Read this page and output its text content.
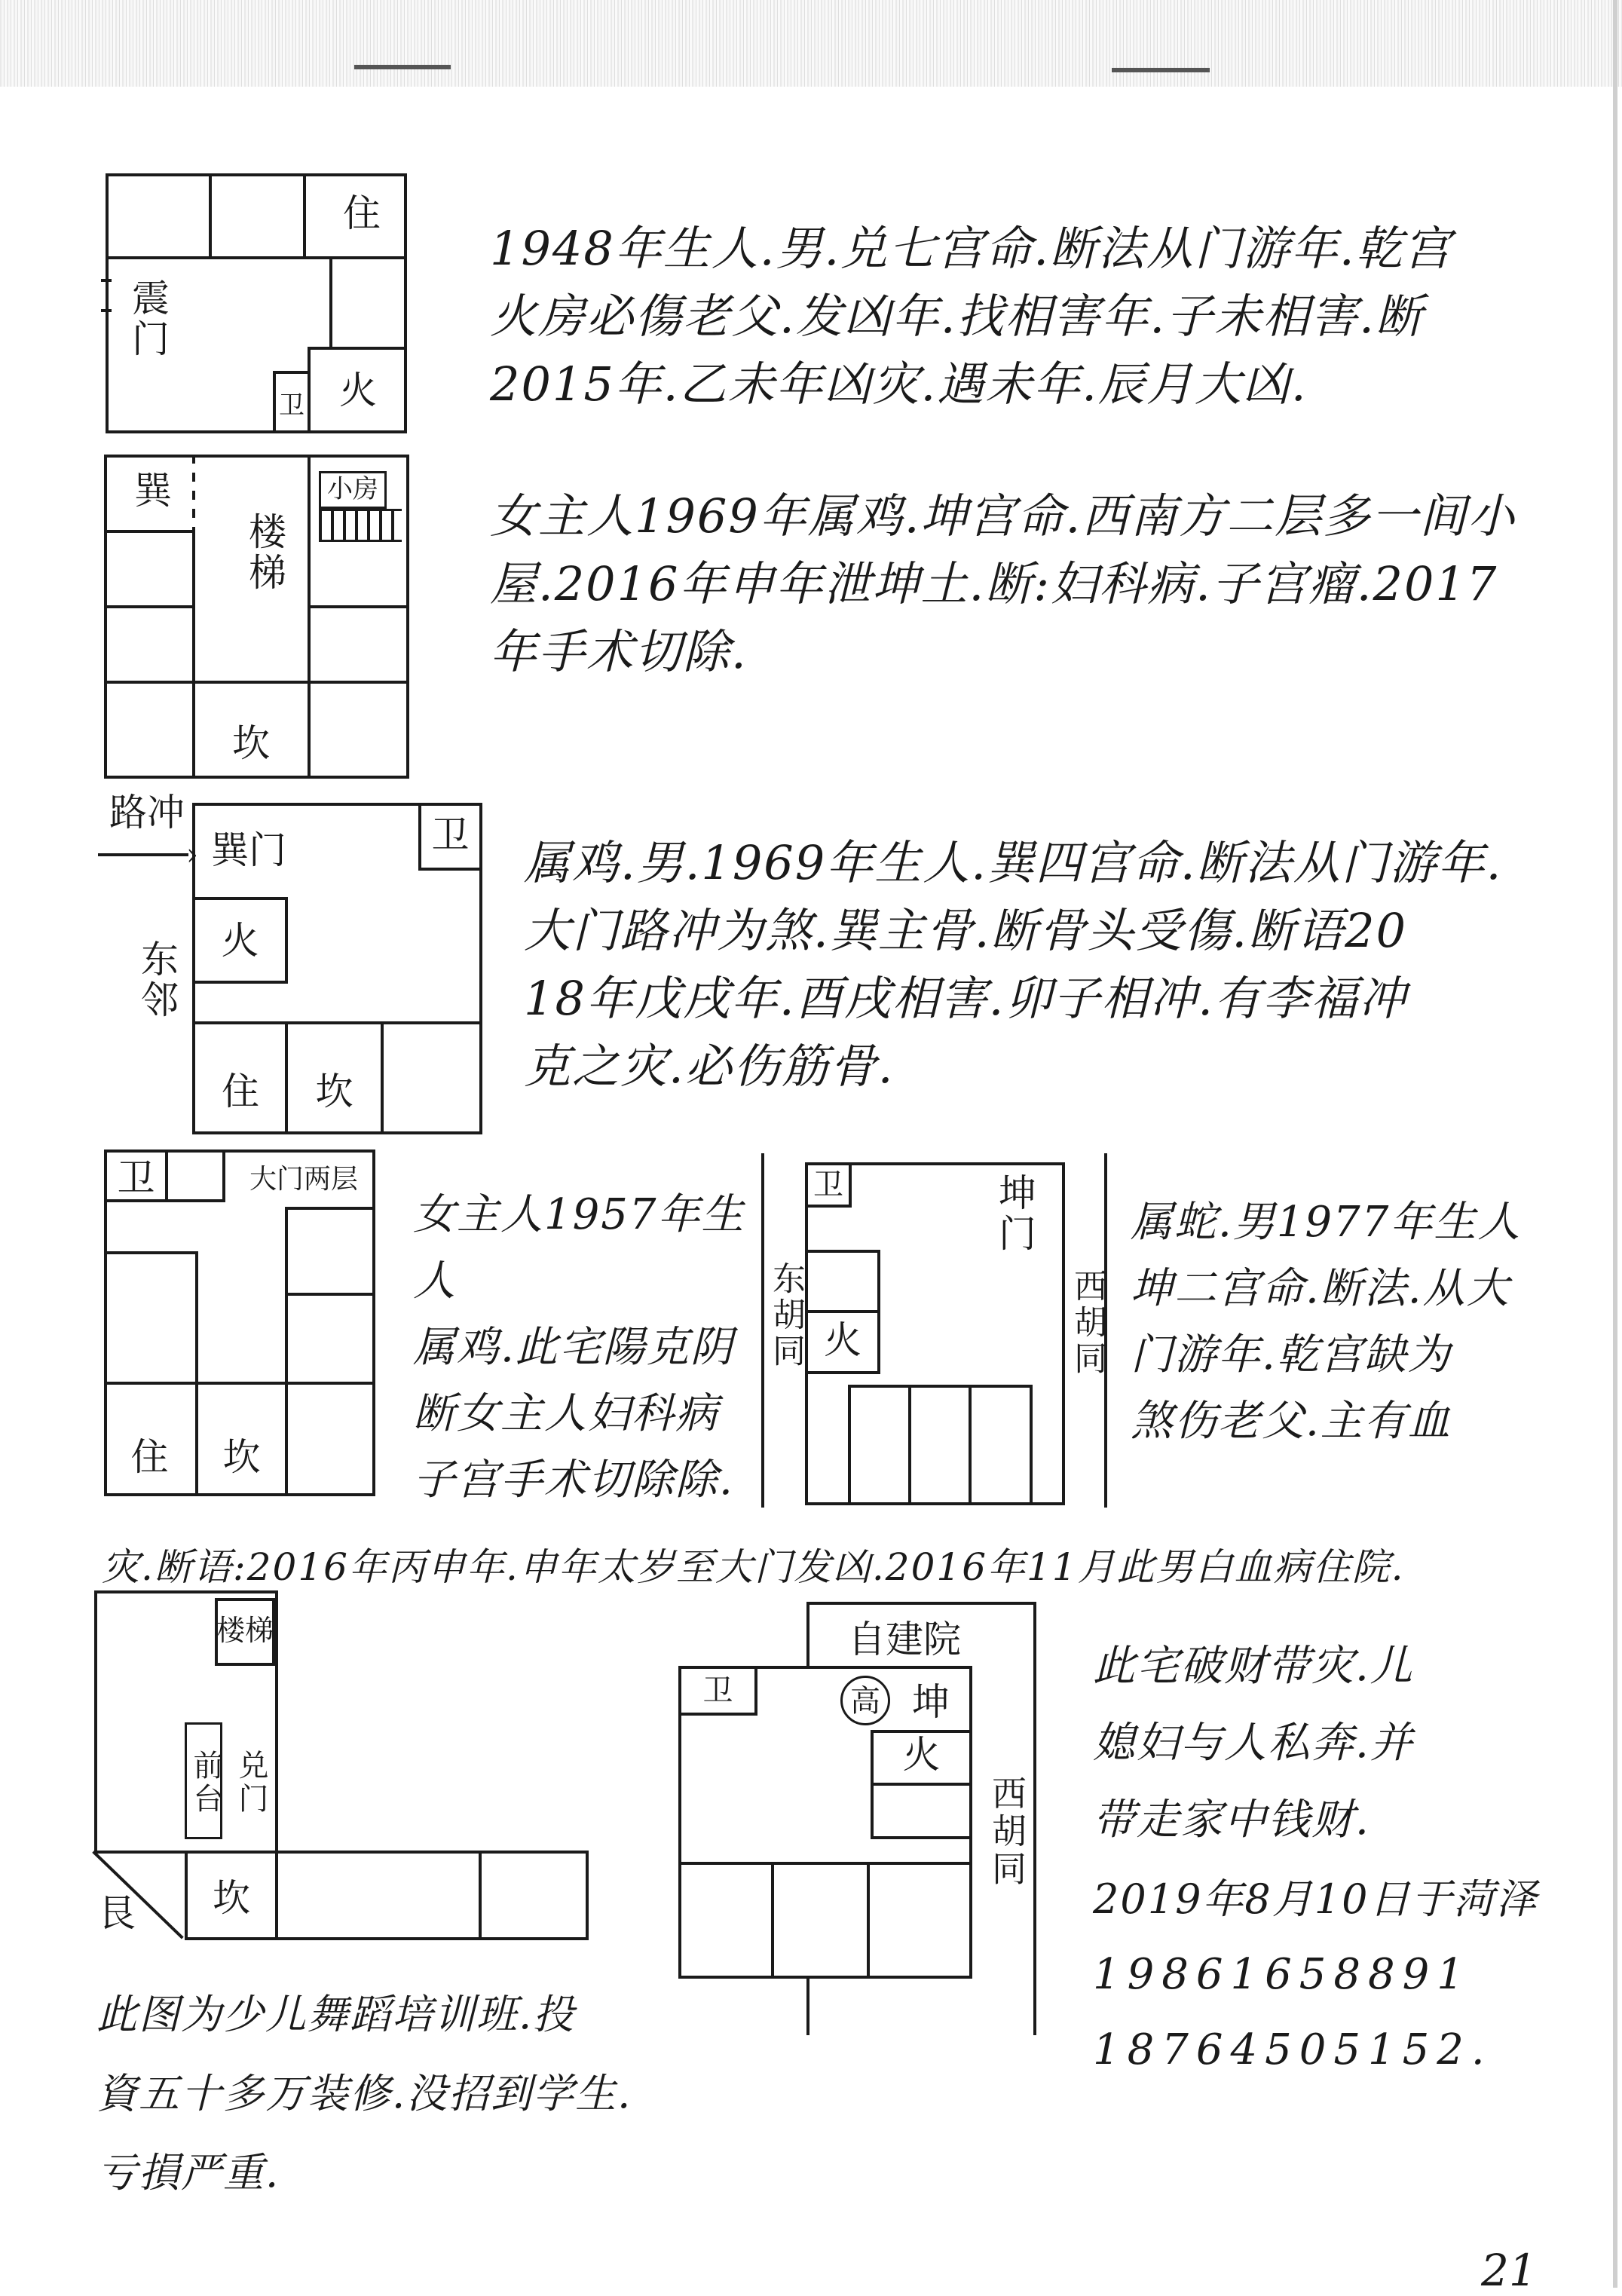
住
震门
卫 火
1948年生人.男.兑七宫命.断法从门游年.乾宫
火房必傷老父.发凶年.找相害年.子未相害.断
2015年.乙未年凶灾.遇未年.辰月大凶.
小房
巽
楼梯
坎
女主人1969年属鸡.坤宫命.西南方二层多一间小
屋.2016年申年泄坤土.断:妇科病.子宫瘤.2017
年手术切除.
路冲
› 巽门	卫
火
东邻
住	坎
属鸡.男.1969年生人.巽四宫命.断法从门游年.
大门路冲为煞.巽主骨.断骨头受傷.断语20
18年戊戌年.酉戌相害.卯子相冲.有李福冲
克之灾.必伤筋骨.
卫	大门两层
住	坎
女主人1957年生人
属鸡.此宅陽克阴
断女主人妇科病
子宫手术切除除.
卫	坤门
火
东胡同	西胡同
属蛇.男1977年生人
坤二宫命.断法.从大
门游年.乾宫缺为
煞伤老父.主有血
灾.断语:2016年丙申年.申年太岁至大门发凶.2016年11月此男白血病住院.
楼梯
前台 兑门
坎
艮
此图为少儿舞蹈培训班.投
資五十多万装修.没招到学生.
亏損严重.
自建院
卫	高 坤
火
西胡同
此宅破财带灾.儿
媳妇与人私奔.并
带走家中钱财.
2019年8月10日于菏泽
19861658891
18764505152.
21
